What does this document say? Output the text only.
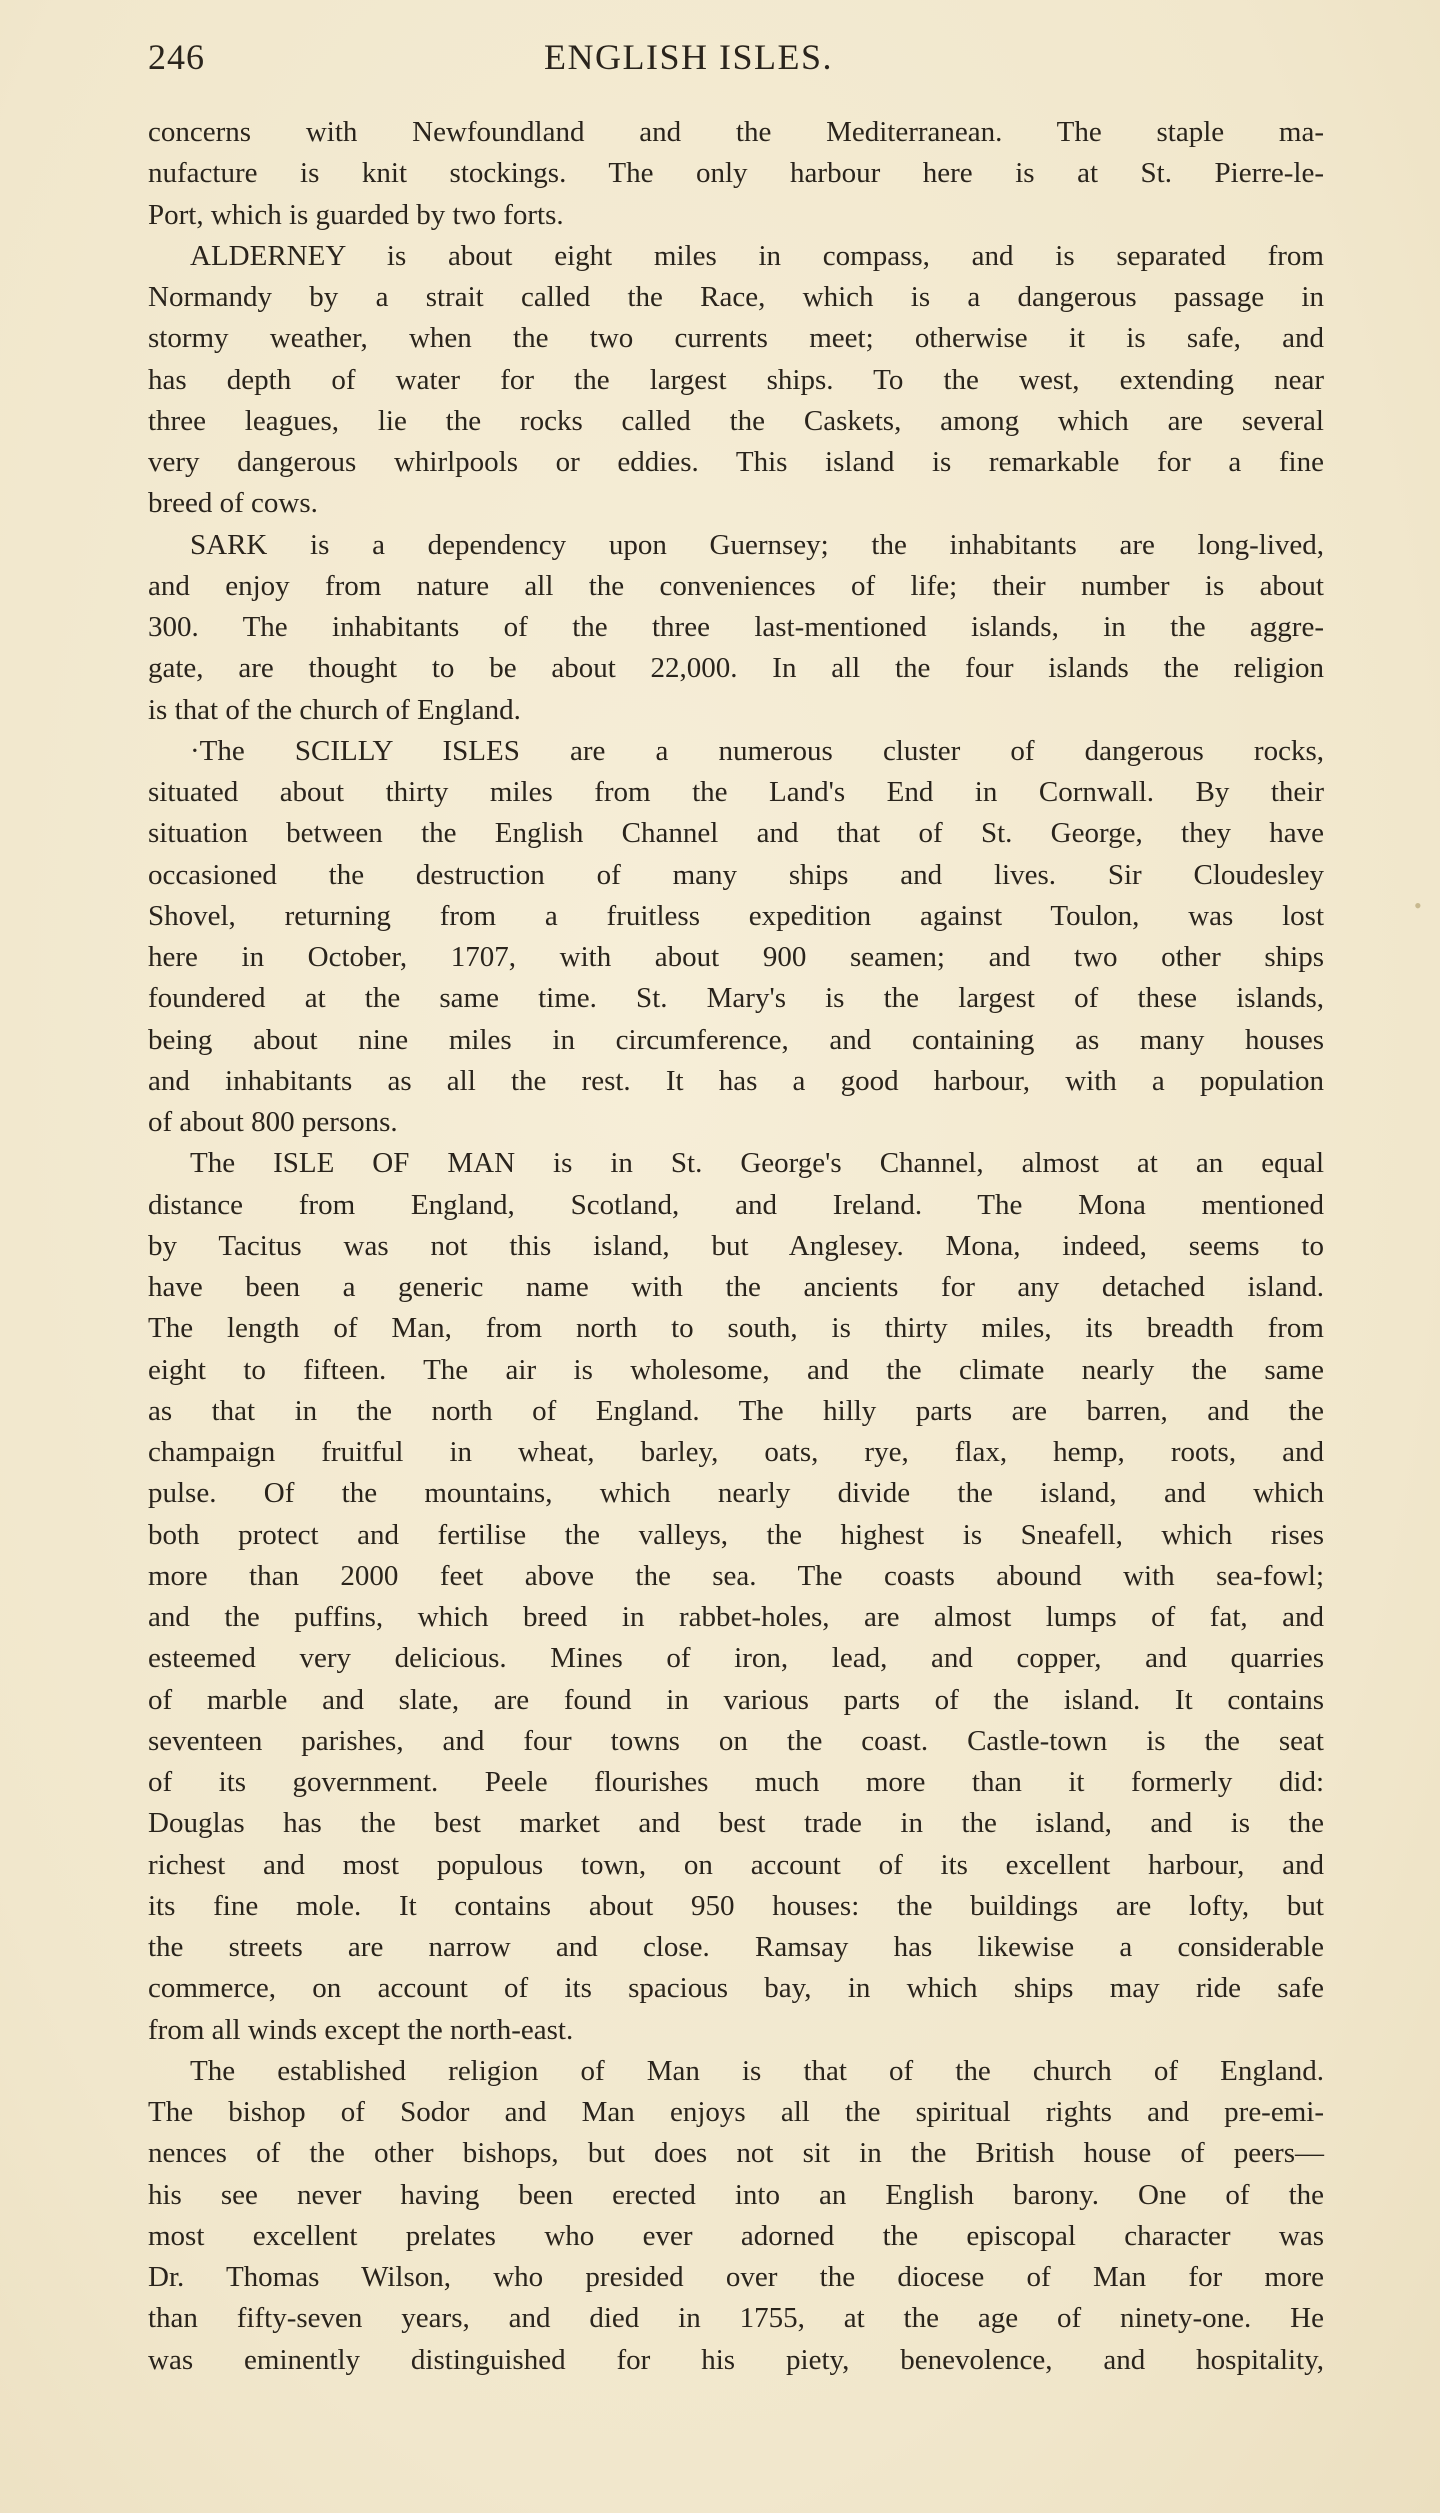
246	ENGLISH ISLES.
concerns with Newfoundland and the Mediterranean. The staple ma-
nufacture is knit stockings. The only harbour here is at St. Pierre-le-
Port, which is guarded by two forts.
ALDERNEY is about eight miles in compass, and is separated from
Normandy by a strait called the Race, which is a dangerous passage in
stormy weather, when the two currents meet; otherwise it is safe, and
has depth of water for the largest ships. To the west, extending near
three leagues, lie the rocks called the Caskets, among which are several
very dangerous whirlpools or eddies. This island is remarkable for a fine
breed of cows.
SARK is a dependency upon Guernsey; the inhabitants are long-lived,
and enjoy from nature all the conveniences of life; their number is about
300. The inhabitants of the three last-mentioned islands, in the aggre-
gate, are thought to be about 22,000. In all the four islands the religion
is that of the church of England.
·The SCILLY ISLES are a numerous cluster of dangerous rocks,
situated about thirty miles from the Land's End in Cornwall. By their
situation between the English Channel and that of St. George, they have
occasioned the destruction of many ships and lives. Sir Cloudesley
Shovel, returning from a fruitless expedition against Toulon, was lost
here in October, 1707, with about 900 seamen; and two other ships
foundered at the same time. St. Mary's is the largest of these islands,
being about nine miles in circumference, and containing as many houses
and inhabitants as all the rest. It has a good harbour, with a population
of about 800 persons.
The ISLE OF MAN is in St. George's Channel, almost at an equal
distance from England, Scotland, and Ireland. The Mona mentioned
by Tacitus was not this island, but Anglesey. Mona, indeed, seems to
have been a generic name with the ancients for any detached island.
The length of Man, from north to south, is thirty miles, its breadth from
eight to fifteen. The air is wholesome, and the climate nearly the same
as that in the north of England. The hilly parts are barren, and the
champaign fruitful in wheat, barley, oats, rye, flax, hemp, roots, and
pulse. Of the mountains, which nearly divide the island, and which
both protect and fertilise the valleys, the highest is Sneafell, which rises
more than 2000 feet above the sea. The coasts abound with sea-fowl;
and the puffins, which breed in rabbet-holes, are almost lumps of fat, and
esteemed very delicious. Mines of iron, lead, and copper, and quarries
of marble and slate, are found in various parts of the island. It contains
seventeen parishes, and four towns on the coast. Castle-town is the seat
of its government. Peele flourishes much more than it formerly did:
Douglas has the best market and best trade in the island, and is the
richest and most populous town, on account of its excellent harbour, and
its fine mole. It contains about 950 houses: the buildings are lofty, but
the streets are narrow and close. Ramsay has likewise a considerable
commerce, on account of its spacious bay, in which ships may ride safe
from all winds except the north-east.
The established religion of Man is that of the church of England.
The bishop of Sodor and Man enjoys all the spiritual rights and pre-emi-
nences of the other bishops, but does not sit in the British house of peers—
his see never having been erected into an English barony. One of the
most excellent prelates who ever adorned the episcopal character was
Dr. Thomas Wilson, who presided over the diocese of Man for more
than fifty-seven years, and died in 1755, at the age of ninety-one. He
was eminently distinguished for his piety, benevolence, and hospitality,
•
